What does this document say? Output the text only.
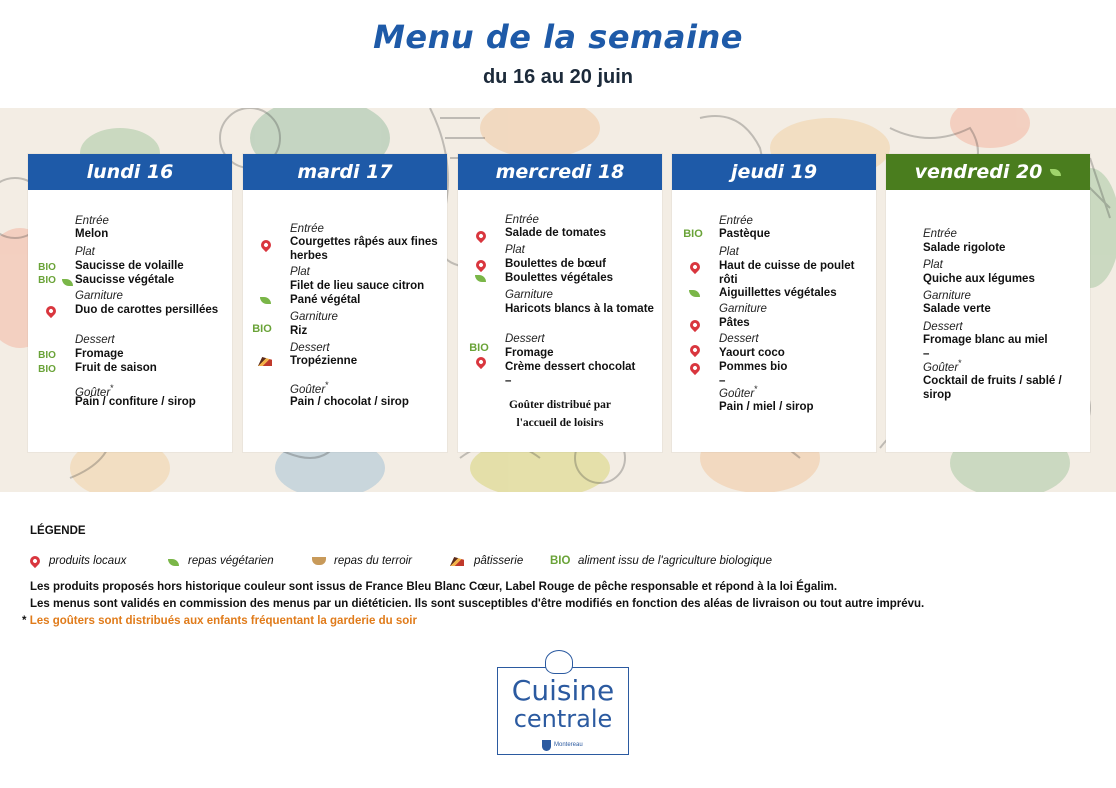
Menu de la semaine
du 16 au 20 juin
lundi 16
Entrée
Melon
Plat
BIO	Saucisse de volaille
BIO	Saucisse végétale
Garniture
Duo de carottes persillées
Dessert
BIO	Fromage
BIO	Fruit de saison
Goûter*
Pain / confiture / sirop
mardi 17
Entrée
Courgettes râpés aux fines herbes
Plat
Filet de lieu sauce citron
Pané végétal
Garniture
BIO	Riz
Dessert
Tropézienne
Goûter*
Pain / chocolat / sirop
mercredi 18
Entrée
Salade de tomates
Plat
Boulettes de bœuf
Boulettes végétales
Garniture
Haricots blancs à la tomate
Dessert
BIO	Fromage
Crème dessert chocolat
–
Goûter distribué par l'accueil de loisirs
jeudi 19
Entrée
BIO	Pastèque
Plat
Haut de cuisse de poulet rôti
Aiguillettes végétales
Garniture
Pâtes
Dessert
Yaourt coco
Pommes bio
–
Goûter*
Pain / miel / sirop
vendredi 20
Entrée
Salade rigolote
Plat
Quiche aux légumes
Garniture
Salade verte
Dessert
Fromage blanc au miel
–
Goûter*
Cocktail de fruits / sablé / sirop
LÉGENDE
produits locaux	repas végétarien	repas du terroir	pâtisserie BIO aliment issu de l'agriculture biologique
Les produits proposés hors historique couleur sont issus de France Bleu Blanc Cœur, Label Rouge de pêche responsable et répond à la loi Égalim.
Les menus sont validés en commission des menus par un diététicien. Ils sont susceptibles d'être modifiés en fonction des aléas de livraison ou tout autre imprévu.
* Les goûters sont distribués aux enfants fréquentant la garderie du soir
Cuisine
centrale
Montereau
